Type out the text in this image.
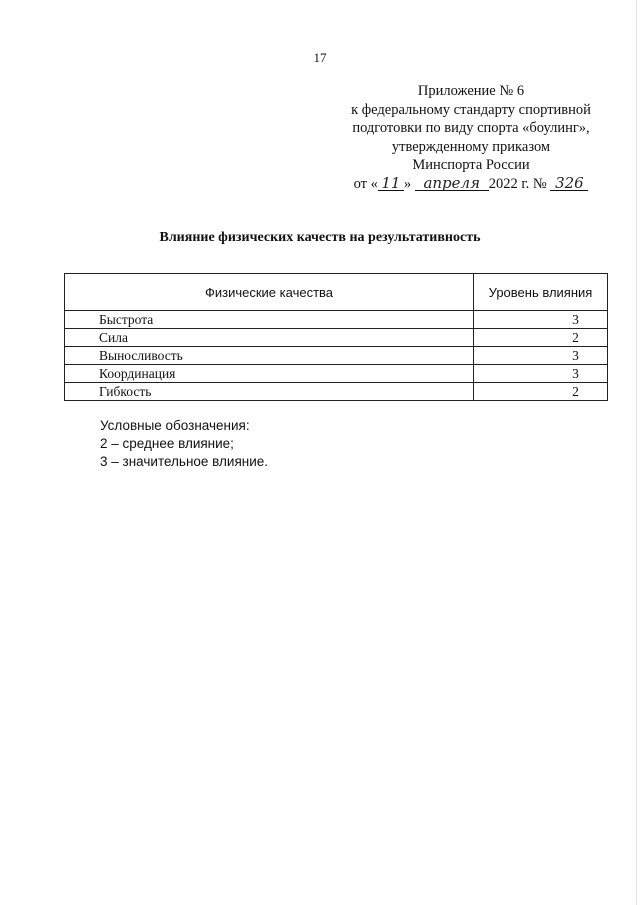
17
Приложение № 6
к федеральному стандарту спортивной
подготовки по виду спорта «боулинг»,
утвержденному приказом
Минспорта России
от « 11 » апреля 2022 г. № 326
Влияние физических качеств на результативность
Физические качества	Уровень влияния
Быстрота	3
Сила	2
Выносливость	3
Координация	3
Гибкость	2
Условные обозначения:
2 – среднее влияние;
3 – значительное влияние.
